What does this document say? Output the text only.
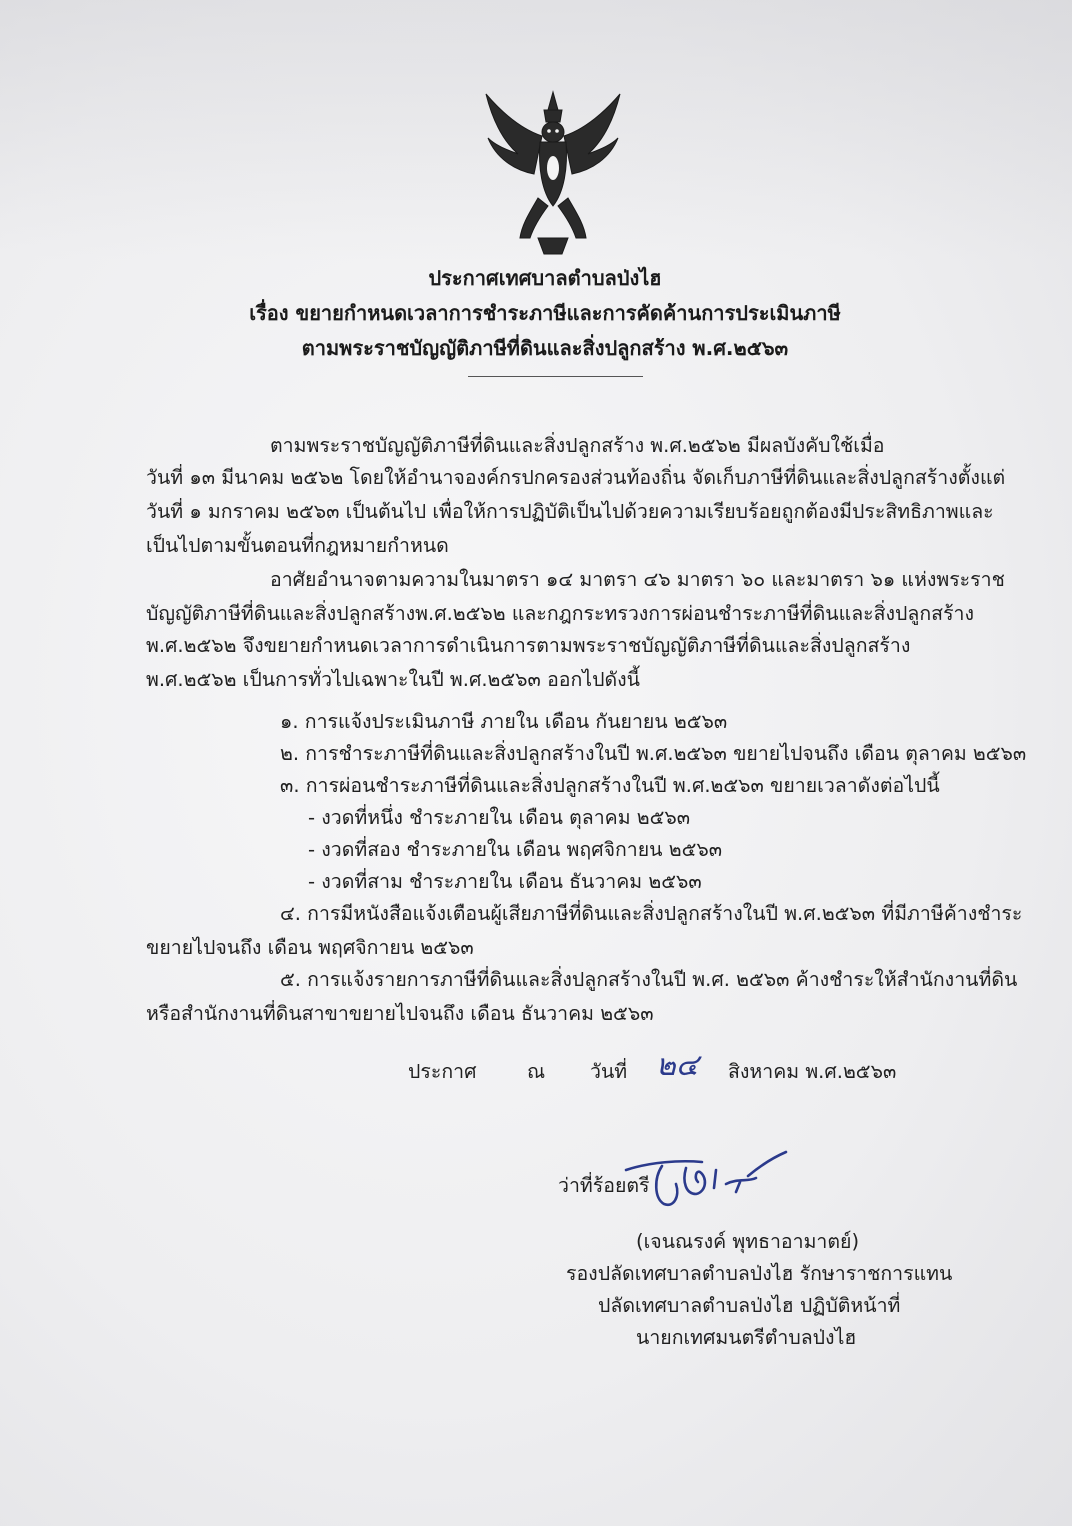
ประกาศเทศบาลตำบลป่งไฮ
เรื่อง ขยายกำหนดเวลาการชำระภาษีและการคัดค้านการประเมินภาษี
ตามพระราชบัญญัติภาษีที่ดินและสิ่งปลูกสร้าง พ.ศ.๒๕๖๓
ตามพระราชบัญญัติภาษีที่ดินและสิ่งปลูกสร้าง พ.ศ.๒๕๖๒ มีผลบังคับใช้เมื่อ
วันที่ ๑๓ มีนาคม ๒๕๖๒ โดยให้อำนาจองค์กรปกครองส่วนท้องถิ่น จัดเก็บภาษีที่ดินและสิ่งปลูกสร้างตั้งแต่
วันที่ ๑ มกราคม ๒๕๖๓ เป็นต้นไป เพื่อให้การปฏิบัติเป็นไปด้วยความเรียบร้อยถูกต้องมีประสิทธิภาพและ
เป็นไปตามขั้นตอนที่กฎหมายกำหนด
อาศัยอำนาจตามความในมาตรา ๑๔ มาตรา ๔๖ มาตรา ๖๐ และมาตรา ๖๑ แห่งพระราช
บัญญัติภาษีที่ดินและสิ่งปลูกสร้างพ.ศ.๒๕๖๒ และกฎกระทรวงการผ่อนชำระภาษีที่ดินและสิ่งปลูกสร้าง
พ.ศ.๒๕๖๒ จึงขยายกำหนดเวลาการดำเนินการตามพระราชบัญญัติภาษีที่ดินและสิ่งปลูกสร้าง
พ.ศ.๒๕๖๒ เป็นการทั่วไปเฉพาะในปี พ.ศ.๒๕๖๓ ออกไปดังนี้
๑. การแจ้งประเมินภาษี ภายใน เดือน กันยายน ๒๕๖๓
๒. การชำระภาษีที่ดินและสิ่งปลูกสร้างในปี พ.ศ.๒๕๖๓ ขยายไปจนถึง เดือน ตุลาคม ๒๕๖๓
๓. การผ่อนชำระภาษีที่ดินและสิ่งปลูกสร้างในปี พ.ศ.๒๕๖๓ ขยายเวลาดังต่อไปนี้
- งวดที่หนึ่ง ชำระภายใน เดือน ตุลาคม ๒๕๖๓
- งวดที่สอง ชำระภายใน เดือน พฤศจิกายน ๒๕๖๓
- งวดที่สาม ชำระภายใน เดือน ธันวาคม ๒๕๖๓
๔. การมีหนังสือแจ้งเตือนผู้เสียภาษีที่ดินและสิ่งปลูกสร้างในปี พ.ศ.๒๕๖๓ ที่มีภาษีค้างชำระ
ขยายไปจนถึง เดือน พฤศจิกายน ๒๕๖๓
๕. การแจ้งรายการภาษีที่ดินและสิ่งปลูกสร้างในปี พ.ศ. ๒๕๖๓ ค้างชำระให้สำนักงานที่ดิน
หรือสำนักงานที่ดินสาขาขยายไปจนถึง เดือน ธันวาคม ๒๕๖๓
ประกาศ	ณ วันที่ ๒๔ สิงหาคม พ.ศ.๒๕๖๓
ว่าที่ร้อยตรี
(เจนณรงค์ พุทธาอามาตย์)
รองปลัดเทศบาลตำบลป่งไฮ รักษาราชการแทน
ปลัดเทศบาลตำบลป่งไฮ ปฏิบัติหน้าที่
นายกเทศมนตรีตำบลป่งไฮ
